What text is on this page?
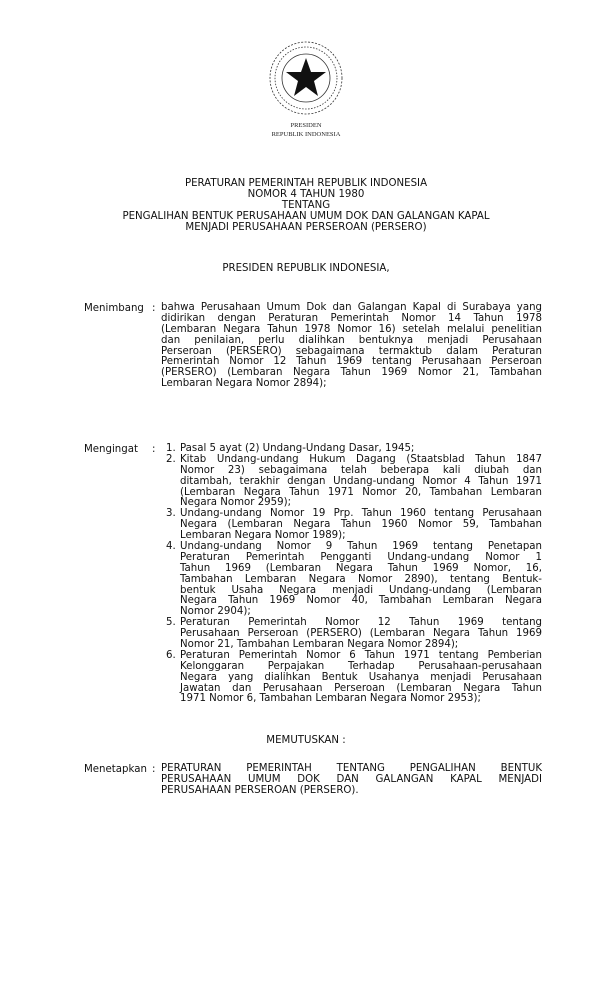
PRESIDEN
REPUBLIK INDONESIA
PERATURAN PEMERINTAH REPUBLIK INDONESIA
NOMOR 4 TAHUN 1980
TENTANG
PENGALIHAN BENTUK PERUSAHAAN UMUM DOK DAN GALANGAN KAPAL
MENJADI PERUSAHAAN PERSEROAN (PERSERO)
PRESIDEN REPUBLIK INDONESIA,
Menimbang : bahwa Perusahaan Umum Dok dan Galangan Kapal di Surabaya yang
didirikan dengan Peraturan Pemerintah Nomor 14 Tahun 1978
(Lembaran Negara Tahun 1978 Nomor 16) setelah melalui penelitian
dan penilaian, perlu dialihkan bentuknya menjadi Perusahaan
Perseroan (PERSERO) sebagaimana termaktub dalam Peraturan
Pemerintah Nomor 12 Tahun 1969 tentang Perusahaan Perseroan
(PERSERO) (Lembaran Negara Tahun 1969 Nomor 21, Tambahan
Lembaran Negara Nomor 2894);
Mengingat : 1. Pasal 5 ayat (2) Undang-Undang Dasar, 1945;
2. Kitab Undang-undang Hukum Dagang (Staatsblad Tahun 1847
Nomor 23) sebagaimana telah beberapa kali diubah dan
ditambah, terakhir dengan Undang-undang Nomor 4 Tahun 1971
(Lembaran Negara Tahun 1971 Nomor 20, Tambahan Lembaran
Negara Nomor 2959);
3. Undang-undang Nomor 19 Prp. Tahun 1960 tentang Perusahaan
Negara (Lembaran Negara Tahun 1960 Nomor 59, Tambahan
Lembaran Negara Nomor 1989);
4. Undang-undang Nomor 9 Tahun 1969 tentang Penetapan
Peraturan Pemerintah Pengganti Undang-undang Nomor 1
Tahun 1969 (Lembaran Negara Tahun 1969 Nomor, 16,
Tambahan Lembaran Negara Nomor 2890), tentang Bentuk-
bentuk Usaha Negara menjadi Undang-undang (Lembaran
Negara Tahun 1969 Nomor 40, Tambahan Lembaran Negara
Nomor 2904);
5. Peraturan Pemerintah Nomor 12 Tahun 1969 tentang
Perusahaan Perseroan (PERSERO) (Lembaran Negara Tahun 1969
Nomor 21, Tambahan Lembaran Negara Nomor 2894);
6. Peraturan Pemerintah Nomor 6 Tahun 1971 tentang Pemberian
Kelonggaran Perpajakan Terhadap Perusahaan-perusahaan
Negara yang dialihkan Bentuk Usahanya menjadi Perusahaan
Jawatan dan Perusahaan Perseroan (Lembaran Negara Tahun
1971 Nomor 6, Tambahan Lembaran Negara Nomor 2953);
MEMUTUSKAN :
Menetapkan : PERATURAN PEMERINTAH TENTANG PENGALIHAN BENTUK
PERUSAHAAN UMUM DOK DAN GALANGAN KAPAL MENJADI
PERUSAHAAN PERSEROAN (PERSERO).
